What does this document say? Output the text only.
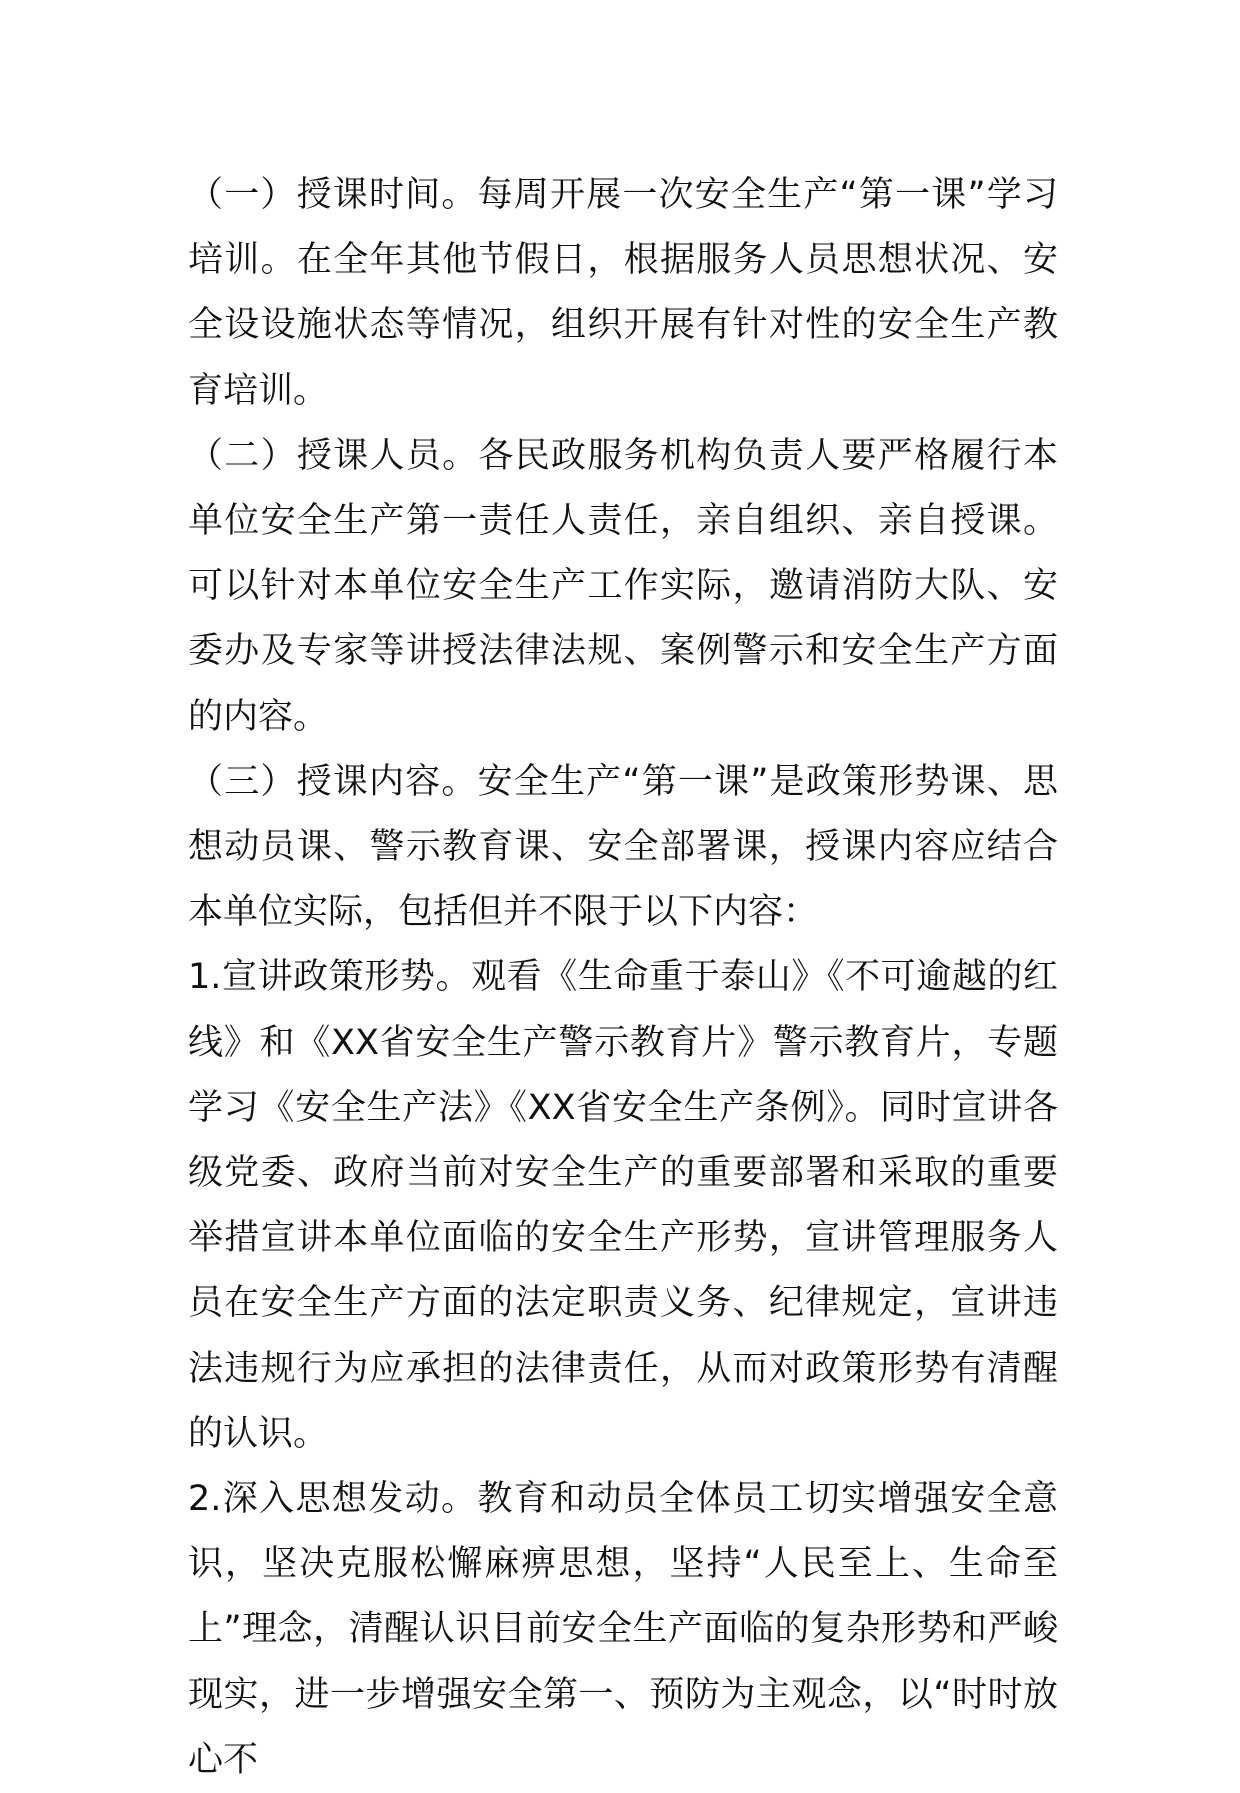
（一）授课时间。每周开展一次安全生产“第一课”学习培训。在全年其他节假日，根据服务人员思想状况、安全设设施状态等情况，组织开展有针对性的安全生产教育培训。

（二）授课人员。各民政服务机构负责人要严格履行本单位安全生产第一责任人责任，亲自组织、亲自授课。可以针对本单位安全生产工作实际，邀请消防大队、安委办及专家等讲授法律法规、案例警示和安全生产方面的内容。

（三）授课内容。安全生产“第一课”是政策形势课、思想动员课、警示教育课、安全部署课，授课内容应结合本单位实际，包括但并不限于以下内容：

1.宣讲政策形势。观看《生命重于泰山》《不可逾越的红线》和《XX省安全生产警示教育片》警示教育片，专题学习《安全生产法》《XX省安全生产条例》。同时宣讲各级党委、政府当前对安全生产的重要部署和采取的重要举措宣讲本单位面临的安全生产形势，宣讲管理服务人员在安全生产方面的法定职责义务、纪律规定，宣讲违法违规行为应承担的法律责任，从而对政策形势有清醒的认识。

2.深入思想发动。教育和动员全体员工切实增强安全意识，坚决克服松懈麻痹思想，坚持“人民至上、生命至上”理念，清醒认识目前安全生产面临的复杂形势和严峻现实，进一步增强安全第一、预防为主观念，以“时时放心不
